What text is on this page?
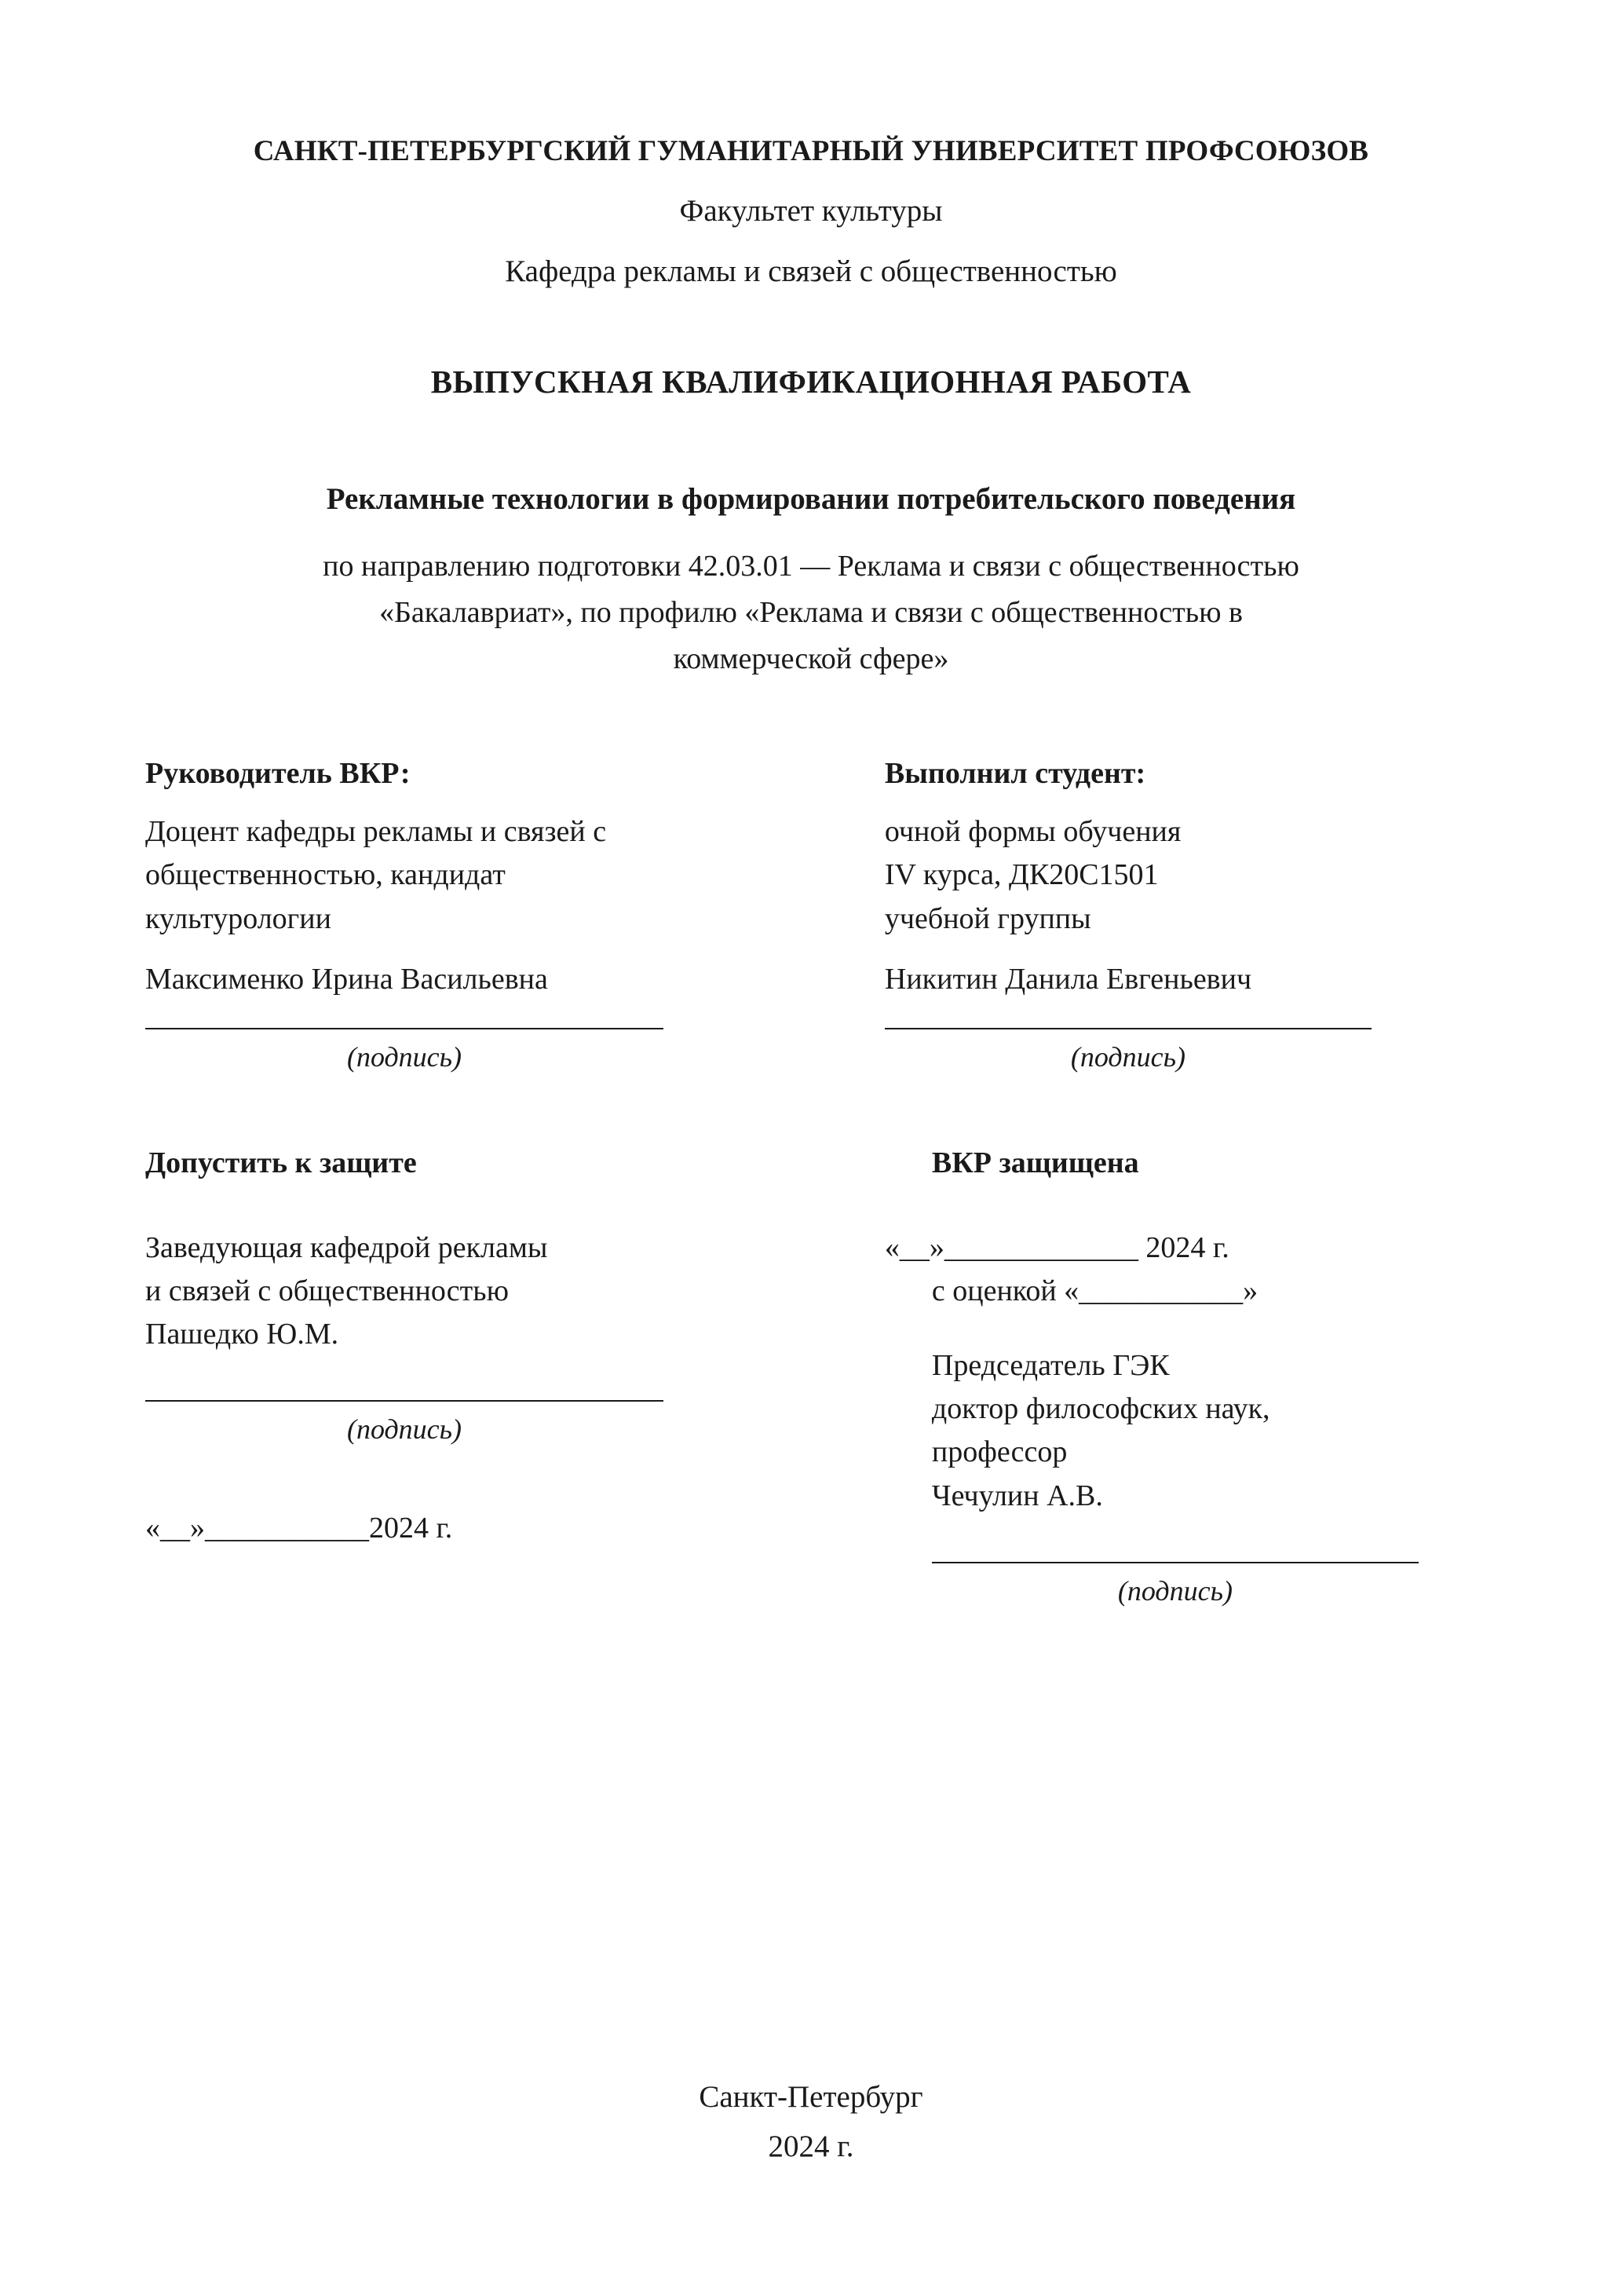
САНКТ-ПЕТЕРБУРГСКИЙ ГУМАНИТАРНЫЙ УНИВЕРСИТЕТ ПРОФСОЮЗОВ
Факультет культуры
Кафедра рекламы и связей с общественностью
ВЫПУСКНАЯ КВАЛИФИКАЦИОННАЯ РАБОТА
Рекламные технологии в формировании потребительского поведения
по направлению подготовки 42.03.01 — Реклама и связи с общественностью
«Бакалавриат», по профилю «Реклама и связи с общественностью в
коммерческой сфере»
Руководитель ВКР:
Доцент кафедры рекламы и связей с
общественностью, кандидат
культурологии
Максименко Ирина Васильевна
(подпись)
Выполнил студент:
очной формы обучения
IV курса, ДК20С1501
учебной группы
Никитин Данила Евгеньевич
(подпись)
Допустить к защите
Заведующая кафедрой рекламы
и связей с общественностью
Пашедко Ю.М.
(подпись)
«__»___________2024 г.
ВКР защищена
«__»_____________ 2024 г.
с оценкой «___________»
Председатель ГЭК
доктор философских наук,
профессор
Чечулин А.В.
(подпись)
Санкт-Петербург
2024 г.
